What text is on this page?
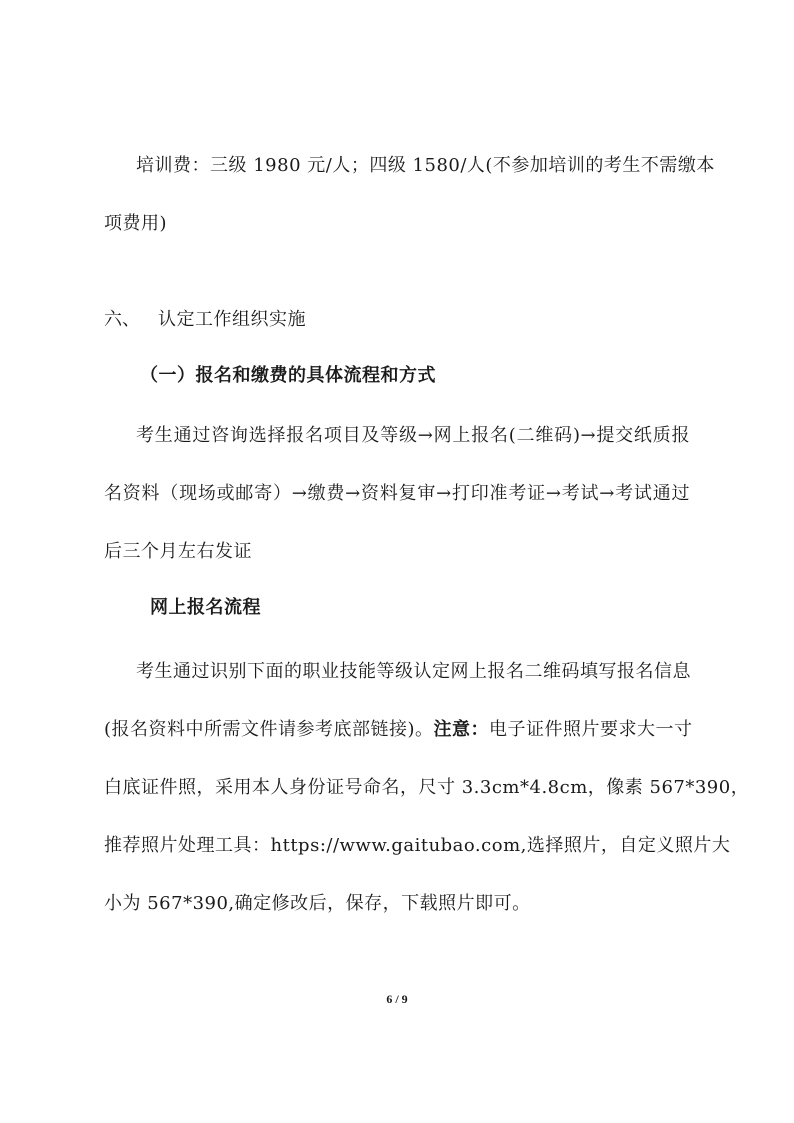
培训费：三级 1980 元/人；四级 1580/人(不参加培训的考生不需缴本
项费用)
六、 认定工作组织实施
（一）报名和缴费的具体流程和方式
考生通过咨询选择报名项目及等级→网上报名(二维码)→提交纸质报
名资料（现场或邮寄）→缴费→资料复审→打印准考证→考试→考试通过
后三个月左右发证
网上报名流程
考生通过识别下面的职业技能等级认定网上报名二维码填写报名信息
(报名资料中所需文件请参考底部链接)。注意：电子证件照片要求大一寸
白底证件照，采用本人身份证号命名，尺寸 3.3cm*4.8cm，像素 567*390，
推荐照片处理工具：https://www.gaitubao.com,选择照片，自定义照片大
小为 567*390,确定修改后，保存，下载照片即可。
6 / 9
